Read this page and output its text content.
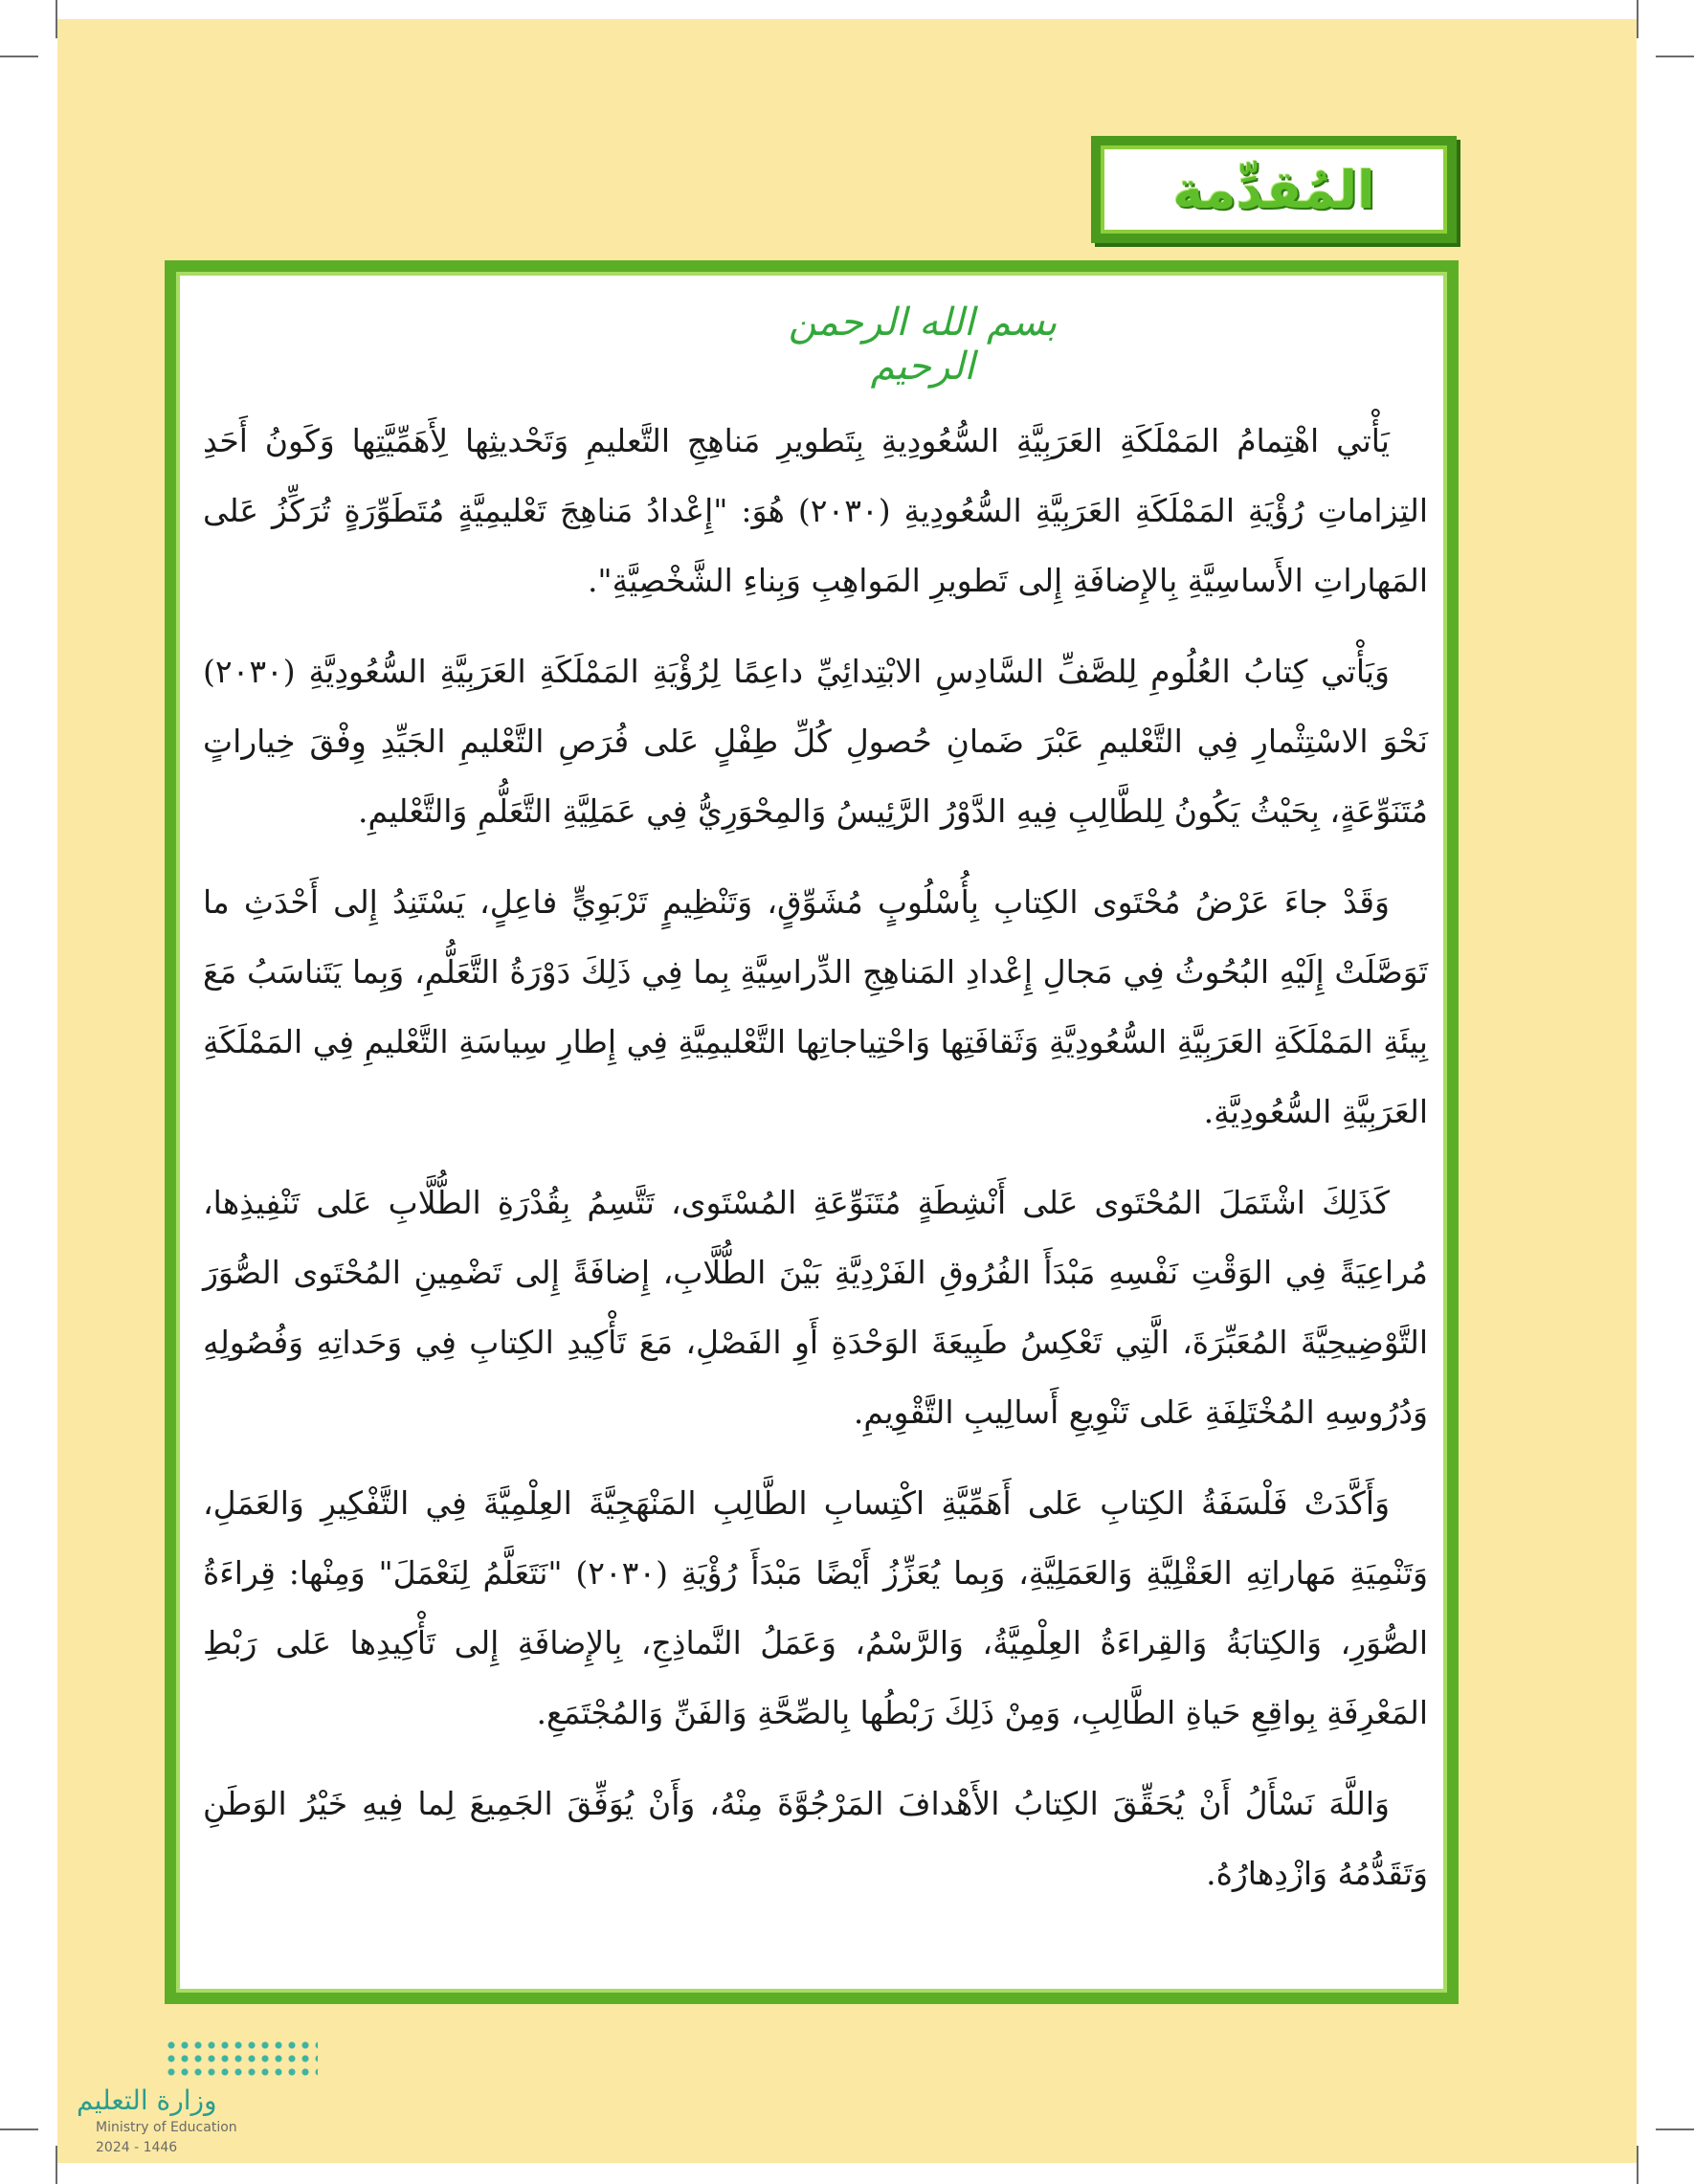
المُقدِّمة
بسم الله الرحمن الرحيم

يَأْتي اهْتِمامُ المَمْلَكَةِ العَرَبِيَّةِ السُّعُودِيةِ بِتَطويرِ مَناهِجِ التَّعليمِ وَتَحْديثِها لِأَهَمِّيَّتِها وَكَونُ أَحَدِ التِزاماتِ رُؤْيَةِ المَمْلَكَةِ العَرَبِيَّةِ السُّعُودِيةِ (٢٠٣٠) هُوَ: "إِعْدادُ مَناهِجَ تَعْليمِيَّةٍ مُتَطَوِّرَةٍ تُرَكِّزُ عَلى المَهاراتِ الأَساسِيَّةِ بِالإِضافَةِ إِلى تَطويرِ المَواهِبِ وَبِناءِ الشَّخْصِيَّةِ".

وَيَأْتي كِتابُ العُلُومِ لِلصَّفِّ السَّادِسِ الابْتِدائِيِّ داعِمًا لِرُؤْيَةِ المَمْلَكَةِ العَرَبِيَّةِ السُّعُودِيَّةِ (٢٠٣٠) نَحْوَ الاسْتِثْمارِ فِي التَّعْليمِ عَبْرَ ضَمانِ حُصولِ كُلِّ طِفْلٍ عَلى فُرَصِ التَّعْليمِ الجَيِّدِ وِفْقَ خِياراتٍ مُتَنَوِّعَةٍ، بِحَيْثُ يَكُونُ لِلطَّالِبِ فِيهِ الدَّوْرُ الرَّئِيسُ وَالمِحْوَرِيُّ فِي عَمَلِيَّةِ التَّعَلُّمِ وَالتَّعْليمِ.

وَقَدْ جاءَ عَرْضُ مُحْتَوى الكِتابِ بِأُسْلُوبٍ مُشَوِّقٍ، وَتَنْظِيمٍ تَرْبَوِيٍّ فاعِلٍ، يَسْتَنِدُ إِلى أَحْدَثِ ما تَوَصَّلَتْ إِلَيْهِ البُحُوثُ فِي مَجالِ إِعْدادِ المَناهِجِ الدِّراسِيَّةِ بِما فِي ذَلِكَ دَوْرَةُ التَّعَلُّمِ، وَبِما يَتَناسَبُ مَعَ بِيئَةِ المَمْلَكَةِ العَرَبِيَّةِ السُّعُودِيَّةِ وَثَقافَتِها وَاحْتِياجاتِها التَّعْليمِيَّةِ فِي إِطارِ سِياسَةِ التَّعْليمِ فِي المَمْلَكَةِ العَرَبِيَّةِ السُّعُودِيَّةِ.

كَذَلِكَ اشْتَمَلَ المُحْتَوى عَلى أَنْشِطَةٍ مُتَنَوِّعَةِ المُسْتَوى، تَتَّسِمُ بِقُدْرَةِ الطُّلَّابِ عَلى تَنْفِيذِها، مُراعِيَةً فِي الوَقْتِ نَفْسِهِ مَبْدَأَ الفُرُوقِ الفَرْدِيَّةِ بَيْنَ الطُّلَّابِ، إِضافَةً إِلى تَضْمِينِ المُحْتَوى الصُّوَرَ التَّوْضِيحِيَّةَ المُعَبِّرَةَ، الَّتِي تَعْكِسُ طَبِيعَةَ الوَحْدَةِ أَوِ الفَصْلِ، مَعَ تَأْكِيدِ الكِتابِ فِي وَحَداتِهِ وَفُصُولِهِ وَدُرُوسِهِ المُخْتَلِفَةِ عَلى تَنْوِيعِ أَسالِيبِ التَّقْوِيمِ.

وَأَكَّدَتْ فَلْسَفَةُ الكِتابِ عَلى أَهَمِّيَّةِ اكْتِسابِ الطَّالِبِ المَنْهَجِيَّةَ العِلْمِيَّةَ فِي التَّفْكِيرِ وَالعَمَلِ، وَتَنْمِيَةِ مَهاراتِهِ العَقْلِيَّةِ وَالعَمَلِيَّةِ، وَبِما يُعَزِّزُ أَيْضًا مَبْدَأَ رُؤْيَةِ (٢٠٣٠) "نَتَعَلَّمُ لِنَعْمَلَ" وَمِنْها: قِراءَةُ الصُّوَرِ، وَالكِتابَةُ وَالقِراءَةُ العِلْمِيَّةُ، وَالرَّسْمُ، وَعَمَلُ النَّماذِجِ، بِالإِضافَةِ إِلى تَأْكِيدِها عَلى رَبْطِ المَعْرِفَةِ بِواقِعِ حَياةِ الطَّالِبِ، وَمِنْ ذَلِكَ رَبْطُها بِالصِّحَّةِ وَالفَنِّ وَالمُجْتَمَعِ.

وَاللَّهَ نَسْأَلُ أَنْ يُحَقِّقَ الكِتابُ الأَهْدافَ المَرْجُوَّةَ مِنْهُ، وَأَنْ يُوَفِّقَ الجَمِيعَ لِما فِيهِ خَيْرُ الوَطَنِ وَتَقَدُّمُهُ وَازْدِهارُهُ.

وزارة التعليم
Ministry of Education
2024 - 1446
